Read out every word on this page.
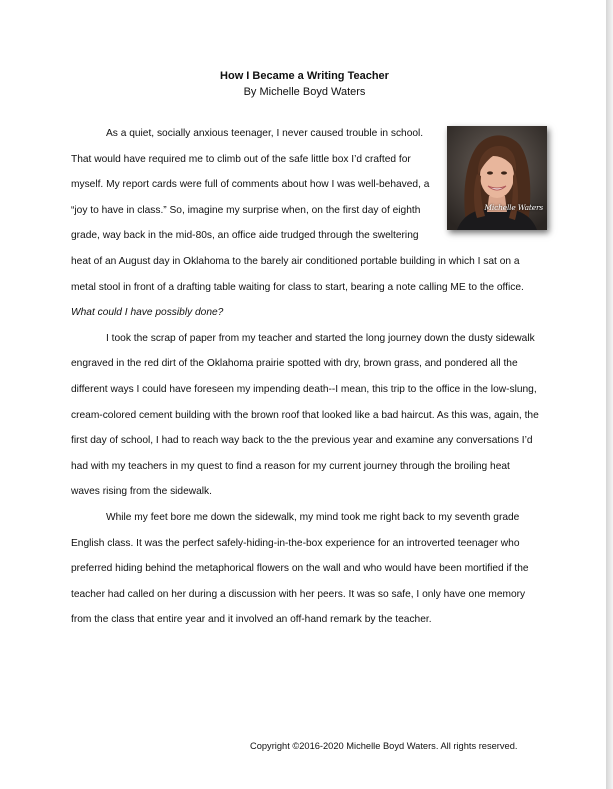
How I Became a Writing Teacher
By Michelle Boyd Waters

Michelle Waters
As a quiet, socially anxious teenager, I never caused trouble in school. That would have required me to climb out of the safe little box I’d crafted for myself. My report cards were full of comments about how I was well-behaved, a “joy to have in class.” So, imagine my surprise when, on the first day of eighth grade, way back in the mid-80s, an office aide trudged through the sweltering heat of an August day in Oklahoma to the barely air conditioned portable building in which I sat on a metal stool in front of a drafting table waiting for class to start, bearing a note calling ME to the office. What could I have possibly done?

I took the scrap of paper from my teacher and started the long journey down the dusty sidewalk engraved in the red dirt of the Oklahoma prairie spotted with dry, brown grass, and pondered all the different ways I could have foreseen my impending death--I mean, this trip to the office in the low-slung, cream-colored cement building with the brown roof that looked like a bad haircut. As this was, again, the first day of school, I had to reach way back to the the previous year and examine any conversations I’d had with my teachers in my quest to find a reason for my current journey through the broiling heat waves rising from the sidewalk.

While my feet bore me down the sidewalk, my mind took me right back to my seventh grade English class. It was the perfect safely-hiding-in-the-box experience for an introverted teenager who preferred hiding behind the metaphorical flowers on the wall and who would have been mortified if the teacher had called on her during a discussion with her peers. It was so safe, I only have one memory from the class that entire year and it involved an off-hand remark by the teacher.

Copyright ©2016-2020 Michelle Boyd Waters. All rights reserved.
